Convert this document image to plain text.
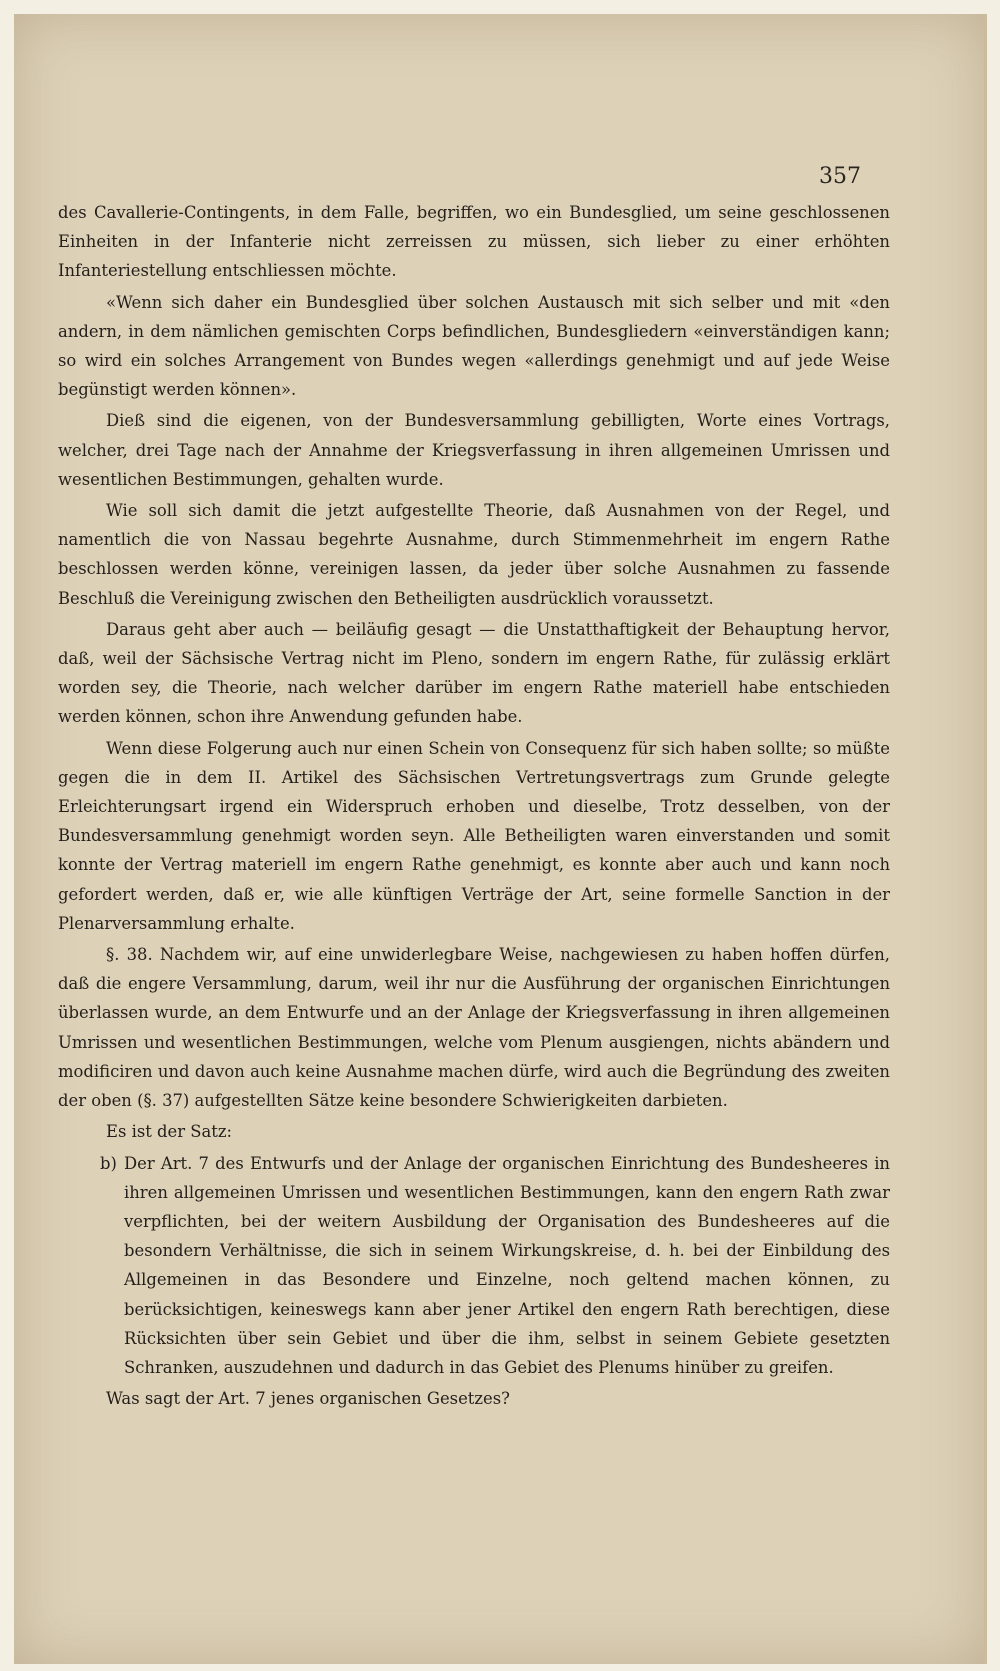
357

des Cavallerie-Contingents, in dem Falle, begriffen, wo ein Bundesglied, um seine geschlossenen Einheiten in der Infanterie nicht zerreissen zu müssen, sich lieber zu einer erhöhten Infanteriestellung entschliessen möchte.

«Wenn sich daher ein Bundesglied über solchen Austausch mit sich selber und mit «den andern, in dem nämlichen gemischten Corps befindlichen, Bundesgliedern «einverständigen kann; so wird ein solches Arrangement von Bundes wegen «allerdings genehmigt und auf jede Weise begünstigt werden können».

Dieß sind die eigenen, von der Bundesversammlung gebilligten, Worte eines Vortrags, welcher, drei Tage nach der Annahme der Kriegsverfassung in ihren allgemeinen Umrissen und wesentlichen Bestimmungen, gehalten wurde.

Wie soll sich damit die jetzt aufgestellte Theorie, daß Ausnahmen von der Regel, und namentlich die von Nassau begehrte Ausnahme, durch Stimmenmehrheit im engern Rathe beschlossen werden könne, vereinigen lassen, da jeder über solche Ausnahmen zu fassende Beschluß die Vereinigung zwischen den Betheiligten ausdrücklich voraussetzt.

Daraus geht aber auch — beiläufig gesagt — die Unstatthaftigkeit der Behauptung hervor, daß, weil der Sächsische Vertrag nicht im Pleno, sondern im engern Rathe, für zulässig erklärt worden sey, die Theorie, nach welcher darüber im engern Rathe materiell habe entschieden werden können, schon ihre Anwendung gefunden habe.

Wenn diese Folgerung auch nur einen Schein von Consequenz für sich haben sollte; so müßte gegen die in dem II. Artikel des Sächsischen Vertretungsvertrags zum Grunde gelegte Erleichterungsart irgend ein Widerspruch erhoben und dieselbe, Trotz desselben, von der Bundesversammlung genehmigt worden seyn. Alle Betheiligten waren einverstanden und somit konnte der Vertrag materiell im engern Rathe genehmigt, es konnte aber auch und kann noch gefordert werden, daß er, wie alle künftigen Verträge der Art, seine formelle Sanction in der Plenarversammlung erhalte.

§. 38. Nachdem wir, auf eine unwiderlegbare Weise, nachgewiesen zu haben hoffen dürfen, daß die engere Versammlung, darum, weil ihr nur die Ausführung der organischen Einrichtungen überlassen wurde, an dem Entwurfe und an der Anlage der Kriegsverfassung in ihren allgemeinen Umrissen und wesentlichen Bestimmungen, welche vom Plenum ausgiengen, nichts abändern und modificiren und davon auch keine Ausnahme machen dürfe, wird auch die Begründung des zweiten der oben (§. 37) aufgestellten Sätze keine besondere Schwierigkeiten darbieten.

Es ist der Satz:

b) Der Art. 7 des Entwurfs und der Anlage der organischen Einrichtung des Bundesheeres in ihren allgemeinen Umrissen und wesentlichen Bestimmungen, kann den engern Rath zwar verpflichten, bei der weitern Ausbildung der Organisation des Bundesheeres auf die besondern Verhältnisse, die sich in seinem Wirkungskreise, d. h. bei der Einbildung des Allgemeinen in das Besondere und Einzelne, noch geltend machen können, zu berücksichtigen, keineswegs kann aber jener Artikel den engern Rath berechtigen, diese Rücksichten über sein Gebiet und über die ihm, selbst in seinem Gebiete gesetzten Schranken, auszudehnen und dadurch in das Gebiet des Plenums hinüber zu greifen.

Was sagt der Art. 7 jenes organischen Gesetzes?
